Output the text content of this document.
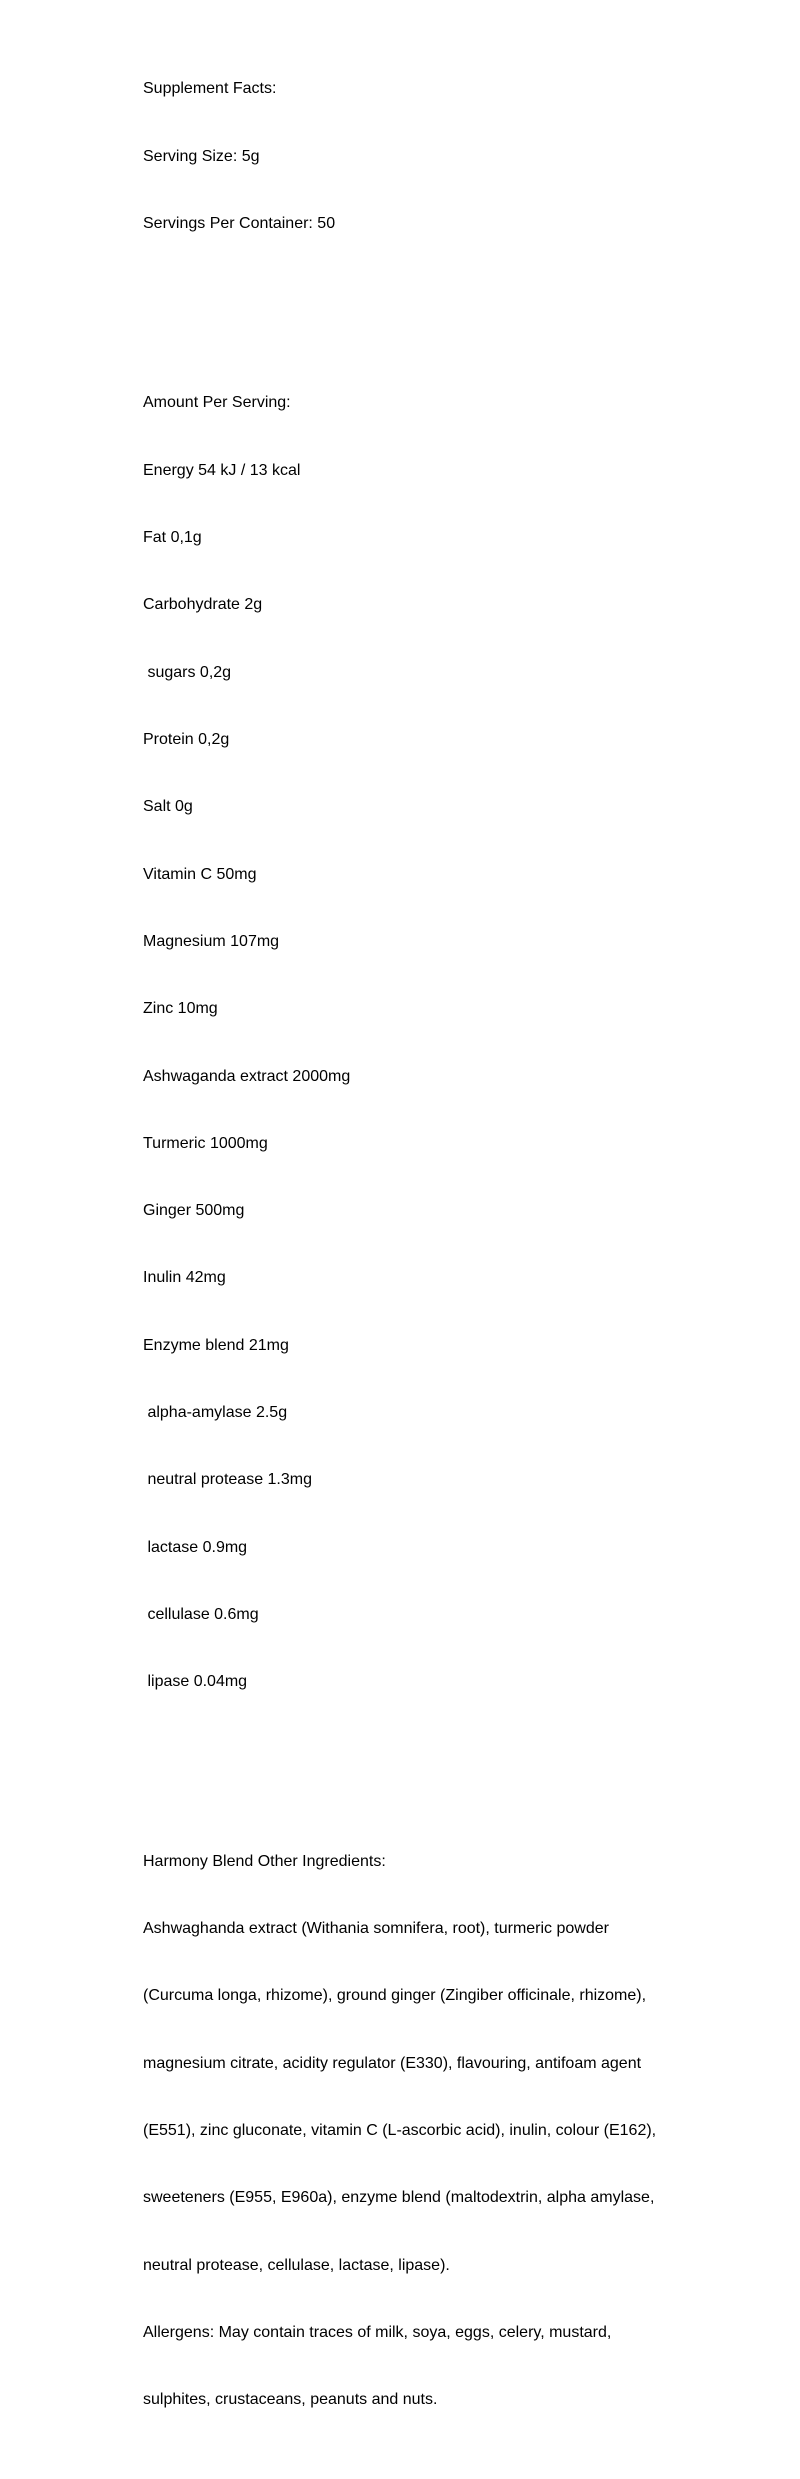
Supplement Facts:

Serving Size: 5g

Servings Per Container: 50

Amount Per Serving:

Energy 54 kJ / 13 kcal

Fat 0,1g

Carbohydrate 2g

sugars 0,2g

Protein 0,2g

Salt 0g

Vitamin C 50mg

Magnesium 107mg

Zinc 10mg

Ashwaganda extract 2000mg

Turmeric 1000mg

Ginger 500mg

Inulin 42mg

Enzyme blend 21mg

alpha-amylase 2.5g

neutral protease 1.3mg

lactase 0.9mg

cellulase 0.6mg

lipase 0.04mg

Harmony Blend Other Ingredients:

Ashwaghanda extract (Withania somnifera, root), turmeric powder

(Curcuma longa, rhizome), ground ginger (Zingiber officinale, rhizome),

magnesium citrate, acidity regulator (E330), flavouring, antifoam agent

(E551), zinc gluconate, vitamin C (L-ascorbic acid), inulin, colour (E162),

sweeteners (E955, E960a), enzyme blend (maltodextrin, alpha amylase,

neutral protease, cellulase, lactase, lipase).

Allergens: May contain traces of milk, soya, eggs, celery, mustard,

sulphites, crustaceans, peanuts and nuts.
